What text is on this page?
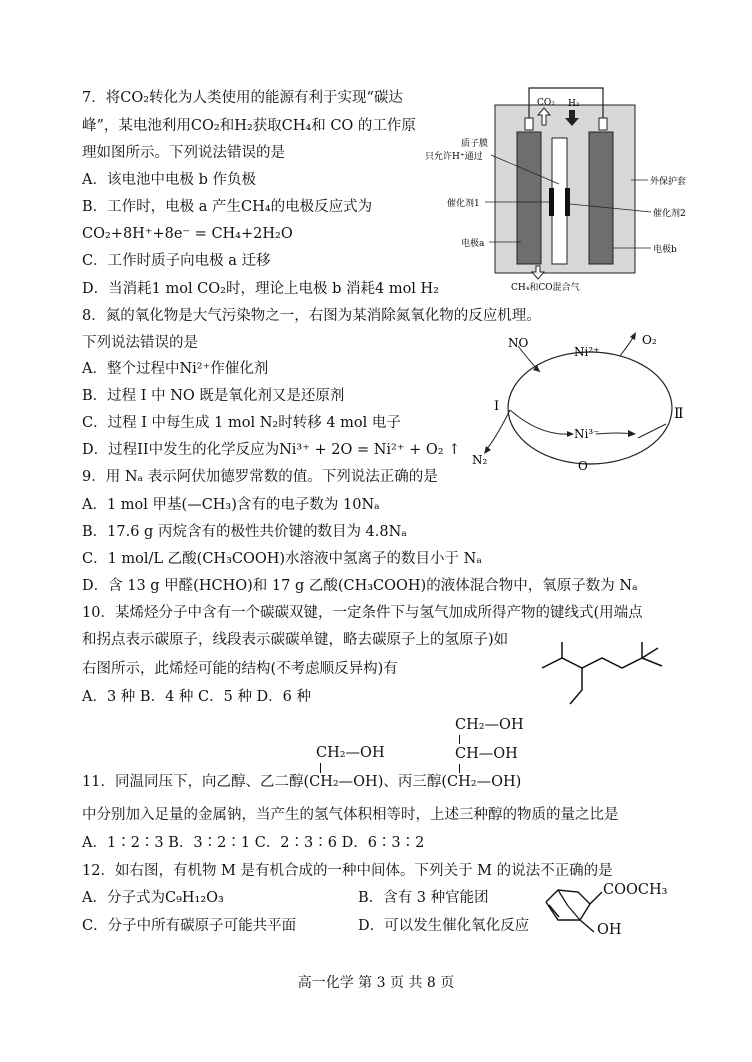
7．将CO₂转化为人类使用的能源有利于实现“碳达
峰”，某电池利用CO₂和H₂获取CH₄和 CO 的工作原
理如图所示。下列说法错误的是
A．该电池中电极 b 作负极
B．工作时，电极 a 产生CH₄的电极反应式为
CO₂+8H⁺+8e⁻ = CH₄+2H₂O
C．工作时质子向电极 a 迁移
D．当消耗1 mol CO₂时，理论上电极 b 消耗4 mol H₂
CO₂ H₂
质子膜
只允许H⁺通过
催化剂1
电极a
外保护套
催化剂2
电极b
CH₄和CO混合气
8．氮的氧化物是大气污染物之一，右图为某消除氮氧化物的反应机理。
下列说法错误的是
A．整个过程中Ni²⁺作催化剂
B．过程 I 中 NO 既是氧化剂又是还原剂
C．过程 I 中每生成 1 mol N₂时转移 4 mol 电子
D．过程II中发生的化学反应为Ni³⁺ + 2O = Ni²⁺ + O₂ ↑
NO
Ni²⁺
O₂
I	Ⅱ
Ni³⁻
N₂	O⁻
9．用 Nₐ 表示阿伏加德罗常数的值。下列说法正确的是
A．1 mol 甲基(—CH₃)含有的电子数为 10Nₐ
B．17.6 g 丙烷含有的极性共价键的数目为 4.8Nₐ
C．1 mol/L 乙酸(CH₃COOH)水溶液中氢离子的数目小于 Nₐ
D．含 13 g 甲醛(HCHO)和 17 g 乙酸(CH₃COOH)的液体混合物中，氧原子数为 Nₐ
10．某烯烃分子中含有一个碳碳双键，一定条件下与氢气加成所得产物的键线式(用端点
和拐点表示碳原子，线段表示碳碳单键，略去碳原子上的氢原子)如
右图所示，此烯烃可能的结构(不考虑顺反异构)有
A．3 种 B．4 种 C．5 种 D．6 种
CH₂—OH
CH₂—OH
CH—OH
11．同温同压下，向乙醇、乙二醇(CH₂—OH)、丙三醇(CH₂—OH)
中分别加入足量的金属钠，当产生的氢气体积相等时，上述三种醇的物质的量之比是
A．1∶2∶3 B．3∶2∶1 C．2∶3∶6 D．6∶3∶2
12．如右图，有机物 M 是有机合成的一种中间体。下列关于 M 的说法不正确的是
A．分子式为C₉H₁₂O₃	B．含有 3 种官能团
C．分子中所有碳原子可能共平面	D．可以发生催化氧化反应
COOCH₃
OH
高一化学 第 3 页 共 8 页
